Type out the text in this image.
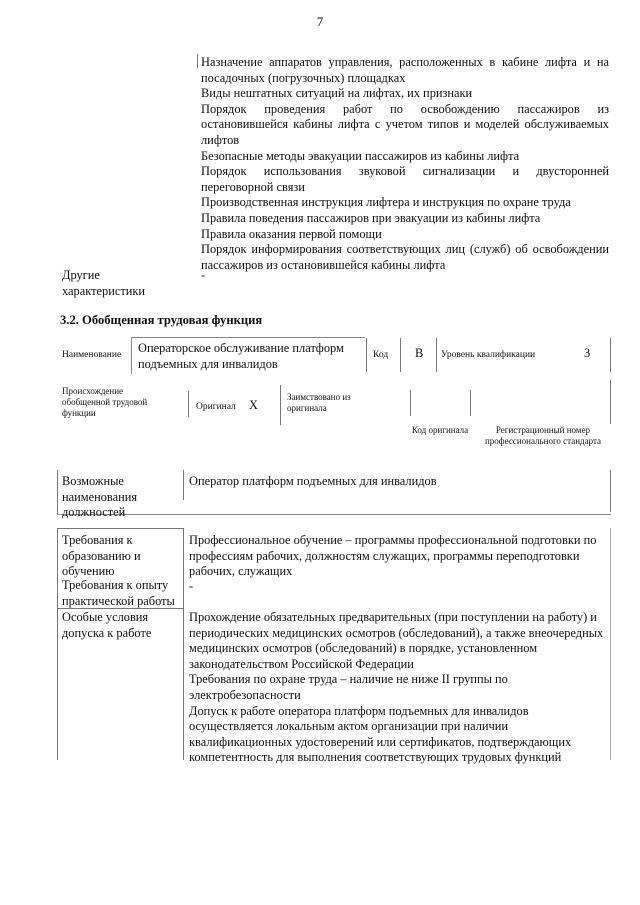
7
Назначение аппаратов управления, расположенных в кабине лифта и на посадочных (погрузочных) площадках
Виды нештатных ситуаций на лифтах, их признаки
Порядок проведения работ по освобождению пассажиров из остановившейся кабины лифта с учетом типов и моделей обслуживаемых лифтов
Безопасные методы эвакуации пассажиров из кабины лифта
Порядок использования звуковой сигнализации и двусторонней переговорной связи
Производственная инструкция лифтера и инструкция по охране труда
Правила поведения пассажиров при эвакуации из кабины лифта
Правила оказания первой помощи
Порядок информирования соответствующих лиц (служб) об освобождении пассажиров из остановившейся кабины лифта
Другие характеристики
-
3.2. Обобщенная трудовая функция
Наименование Операторское обслуживание платформ подъемных для инвалидов
Код B Уровень квалификации	3
Происхождение обобщенной трудовой функции
Оригинал X
Заимствовано из оригинала
Код оригинала	Регистрационный номер профессионального стандарта
Возможные наименования должностей
Оператор платформ подъемных для инвалидов
Требования к образованию и обучению
Профессиональное обучение – программы профессиональной подготовки по профессиям рабочих, должностям служащих, программы переподготовки рабочих, служащих
Требования к опыту практической работы
-
Особые условия допуска к работе
Прохождение обязательных предварительных (при поступлении на работу) и периодических медицинских осмотров (обследований), а также внеочередных медицинских осмотров (обследований) в порядке, установленном законодательством Российской Федерации
Требования по охране труда – наличие не ниже II группы по электробезопасности
Допуск к работе оператора платформ подъемных для инвалидов осуществляется локальным актом организации при наличии квалификационных удостоверений или сертификатов, подтверждающих компетентность для выполнения соответствующих трудовых функций
